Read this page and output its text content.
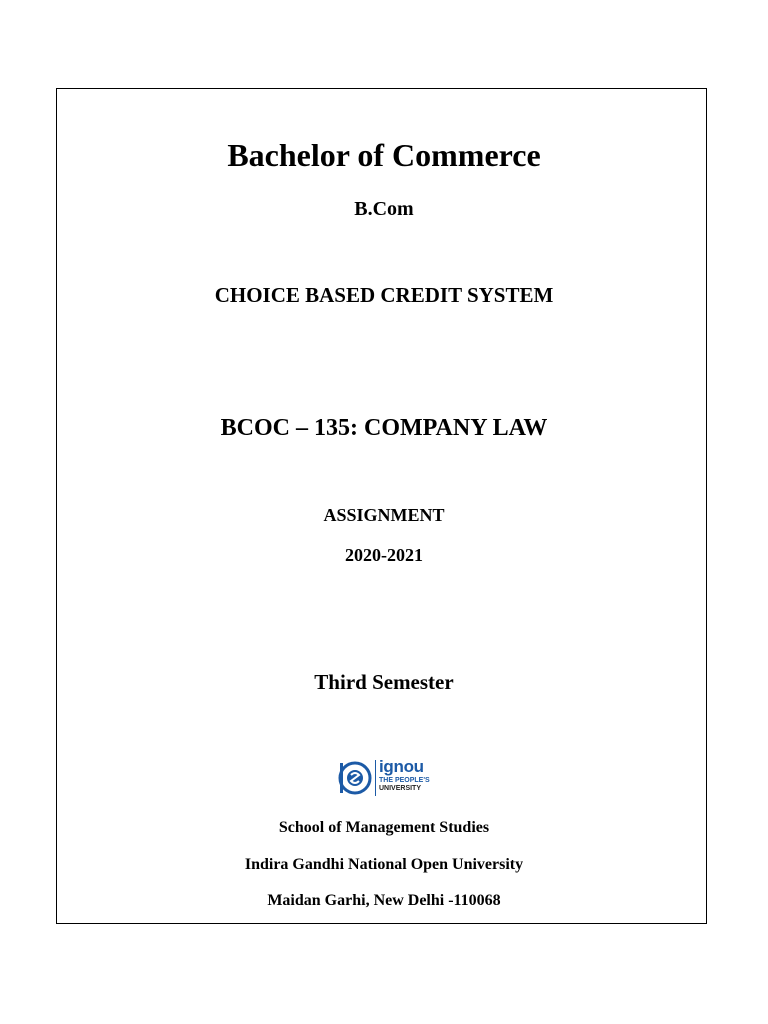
Bachelor of Commerce
B.Com
CHOICE BASED CREDIT SYSTEM
BCOC – 135: COMPANY LAW
ASSIGNMENT
2020-2021
Third Semester
ignou
THE PEOPLE'S
UNIVERSITY
School of Management Studies
Indira Gandhi National Open University
Maidan Garhi, New Delhi -110068
